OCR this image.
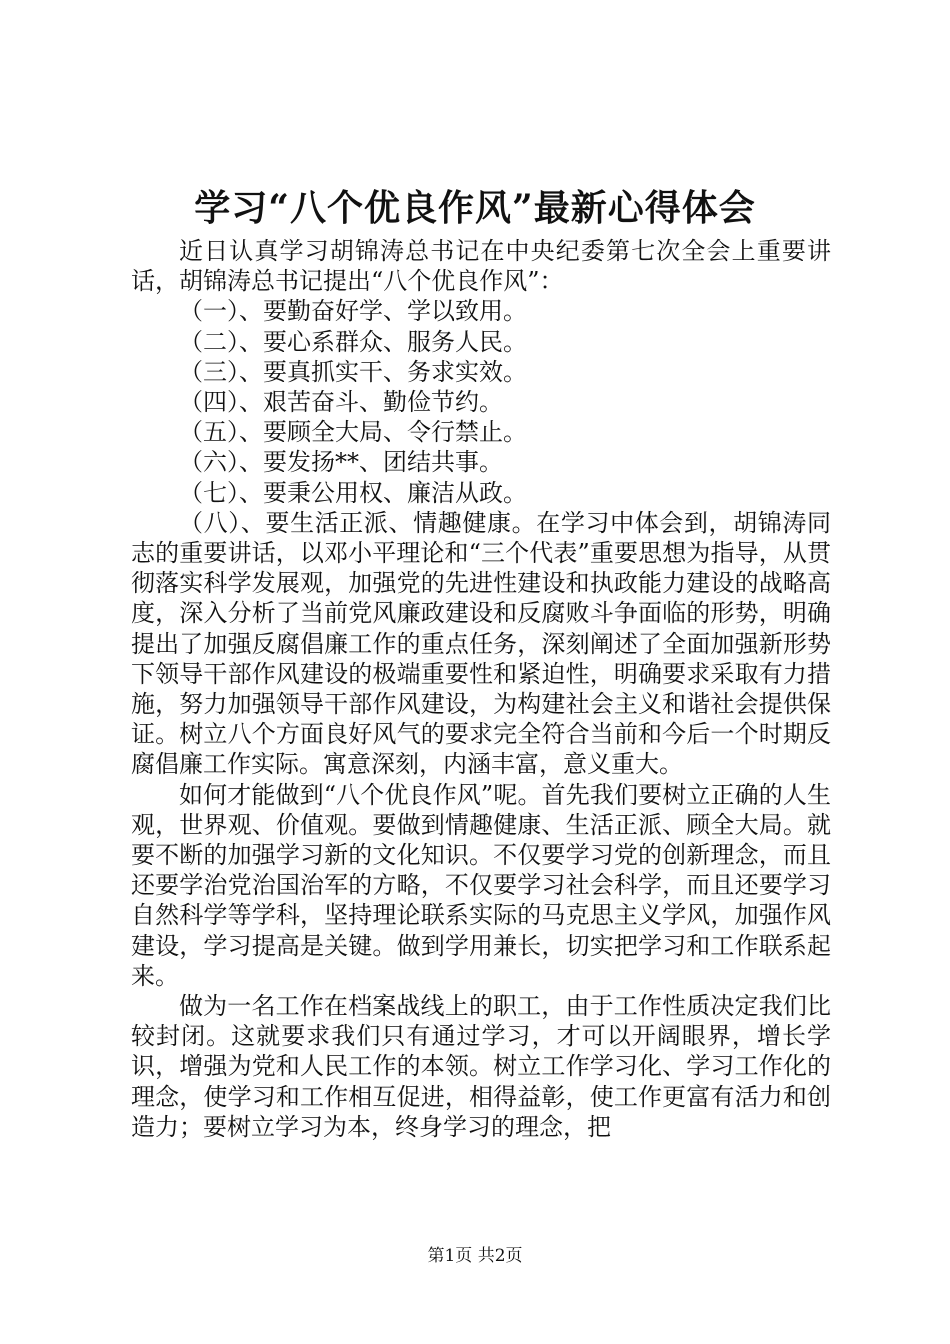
学习“八个优良作风”最新心得体会

近日认真学习胡锦涛总书记在中央纪委第七次全会上重要讲话，胡锦涛总书记提出“八个优良作风”：

（一）、要勤奋好学、学以致用。

（二）、要心系群众、服务人民。

（三）、要真抓实干、务求实效。

（四）、艰苦奋斗、勤俭节约。

（五）、要顾全大局、令行禁止。

（六）、要发扬**、团结共事。

（七）、要秉公用权、廉洁从政。

（八）、要生活正派、情趣健康。在学习中体会到，胡锦涛同志的重要讲话，以邓小平理论和“三个代表”重要思想为指导，从贯彻落实科学发展观，加强党的先进性建设和执政能力建设的战略高度，深入分析了当前党风廉政建设和反腐败斗争面临的形势，明确提出了加强反腐倡廉工作的重点任务，深刻阐述了全面加强新形势下领导干部作风建设的极端重要性和紧迫性，明确要求采取有力措施，努力加强领导干部作风建设，为构建社会主义和谐社会提供保证。树立八个方面良好风气的要求完全符合当前和今后一个时期反腐倡廉工作实际。寓意深刻，内涵丰富，意义重大。

如何才能做到“八个优良作风”呢。首先我们要树立正确的人生观，世界观、价值观。要做到情趣健康、生活正派、顾全大局。就要不断的加强学习新的文化知识。不仅要学习党的创新理念，而且还要学治党治国治军的方略，不仅要学习社会科学，而且还要学习自然科学等学科，坚持理论联系实际的马克思主义学风，加强作风建设，学习提高是关键。做到学用兼长，切实把学习和工作联系起来。

做为一名工作在档案战线上的职工，由于工作性质决定我们比较封闭。这就要求我们只有通过学习，才可以开阔眼界，增长学识，增强为党和人民工作的本领。树立工作学习化、学习工作化的理念，使学习和工作相互促进，相得益彰，使工作更富有活力和创造力；要树立学习为本，终身学习的理念，把

第1页 共2页
